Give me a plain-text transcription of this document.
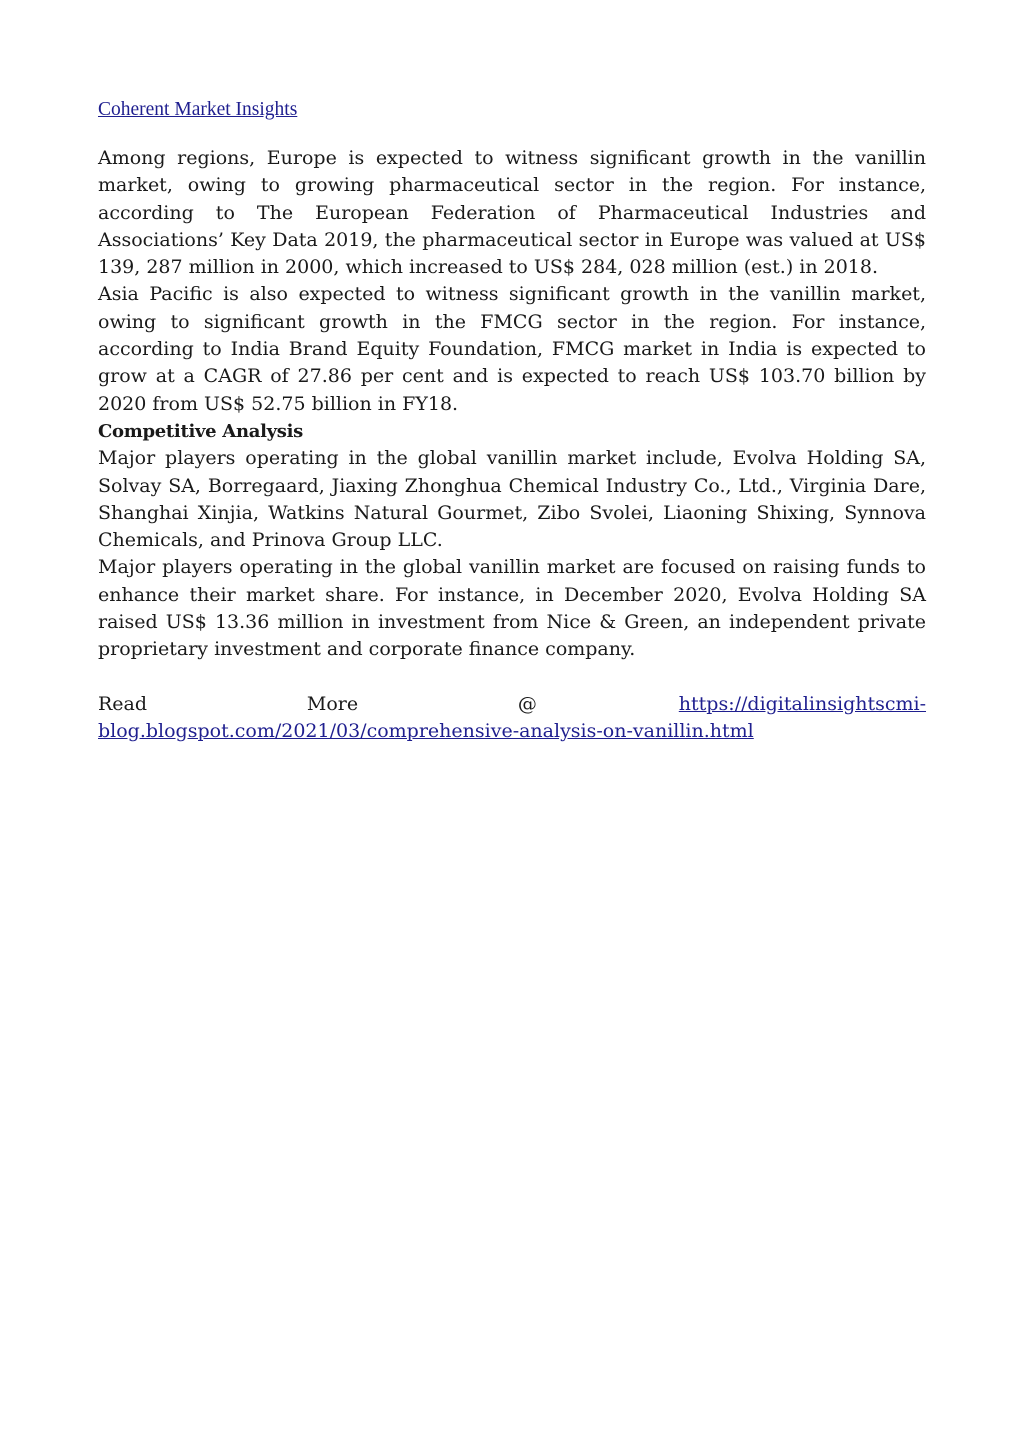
Coherent Market Insights

Among regions, Europe is expected to witness significant growth in the vanillin market, owing to growing pharmaceutical sector in the region. For instance, according to The European Federation of Pharmaceutical Industries and Associations’ Key Data 2019, the pharmaceutical sector in Europe was valued at US$ 139, 287 million in 2000, which increased to US$ 284, 028 million (est.) in 2018.

Asia Pacific is also expected to witness significant growth in the vanillin market, owing to significant growth in the FMCG sector in the region. For instance, according to India Brand Equity Foundation, FMCG market in India is expected to grow at a CAGR of 27.86 per cent and is expected to reach US$ 103.70 billion by 2020 from US$ 52.75 billion in FY18.

Competitive Analysis

Major players operating in the global vanillin market include, Evolva Holding SA, Solvay SA, Borregaard, Jiaxing Zhonghua Chemical Industry Co., Ltd., Virginia Dare, Shanghai Xinjia, Watkins Natural Gourmet, Zibo Svolei, Liaoning Shixing, Synnova Chemicals, and Prinova Group LLC.

Major players operating in the global vanillin market are focused on raising funds to enhance their market share. For instance, in December 2020, Evolva Holding SA raised US$ 13.36 million in investment from Nice & Green, an independent private proprietary investment and corporate finance company.

Read More @	https://digitalinsightscmi-blog.blogspot.com/2021/03/comprehensive-analysis-on-vanillin.html
